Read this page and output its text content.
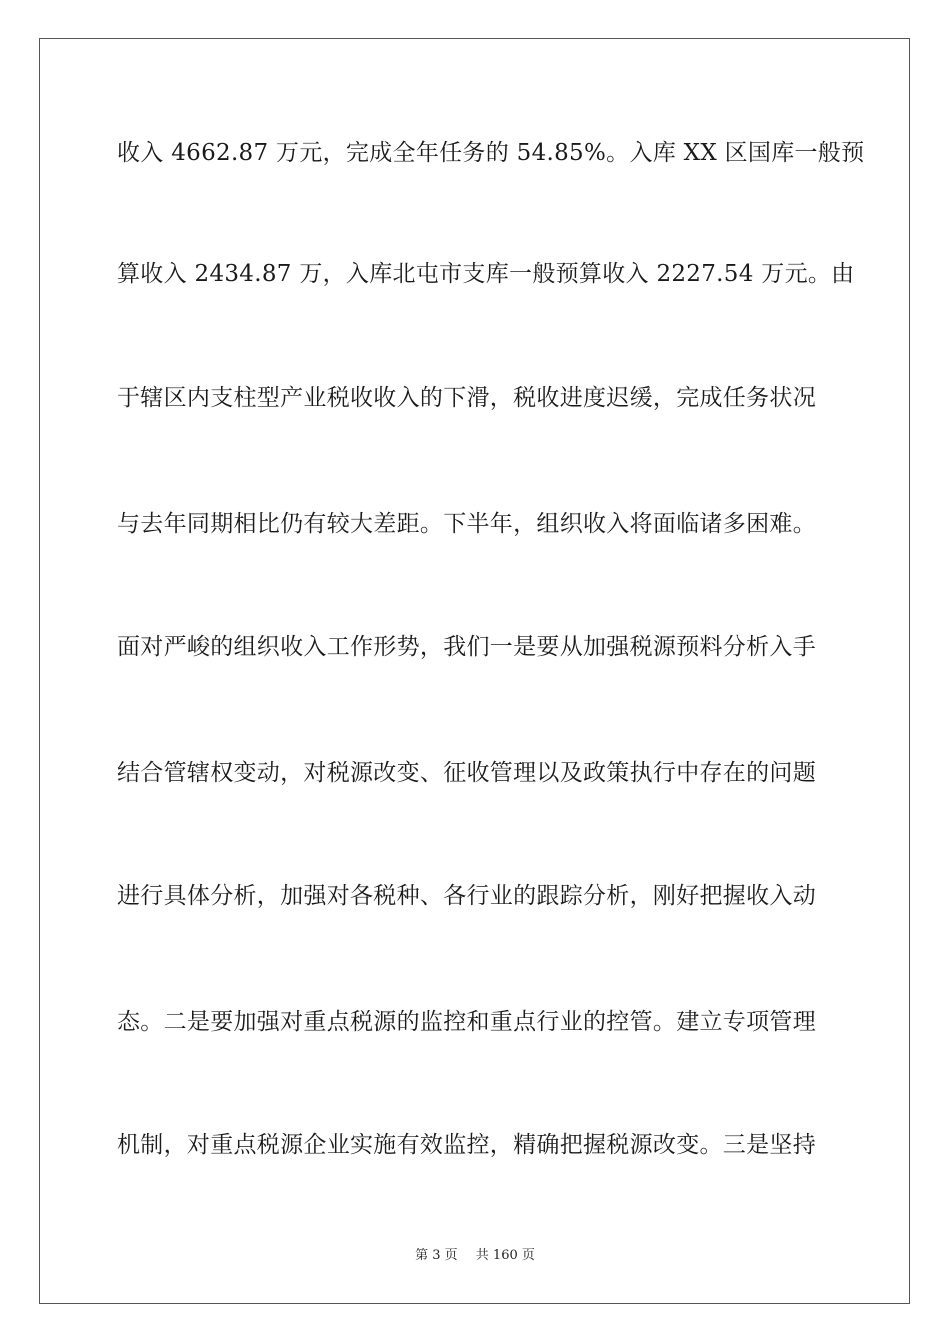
收入 4662.87 万元，完成全年任务的 54.85%。入库 XX 区国库一般预
算收入 2434.87 万，入库北屯市支库一般预算收入 2227.54 万元。由
于辖区内支柱型产业税收收入的下滑，税收进度迟缓，完成任务状况
与去年同期相比仍有较大差距。下半年，组织收入将面临诸多困难。
面对严峻的组织收入工作形势，我们一是要从加强税源预料分析入手
结合管辖权变动，对税源改变、征收管理以及政策执行中存在的问题
进行具体分析，加强对各税种、各行业的跟踪分析，刚好把握收入动
态。二是要加强对重点税源的监控和重点行业的控管。建立专项管理
机制，对重点税源企业实施有效监控，精确把握税源改变。三是坚持
第 3 页 共 160 页
